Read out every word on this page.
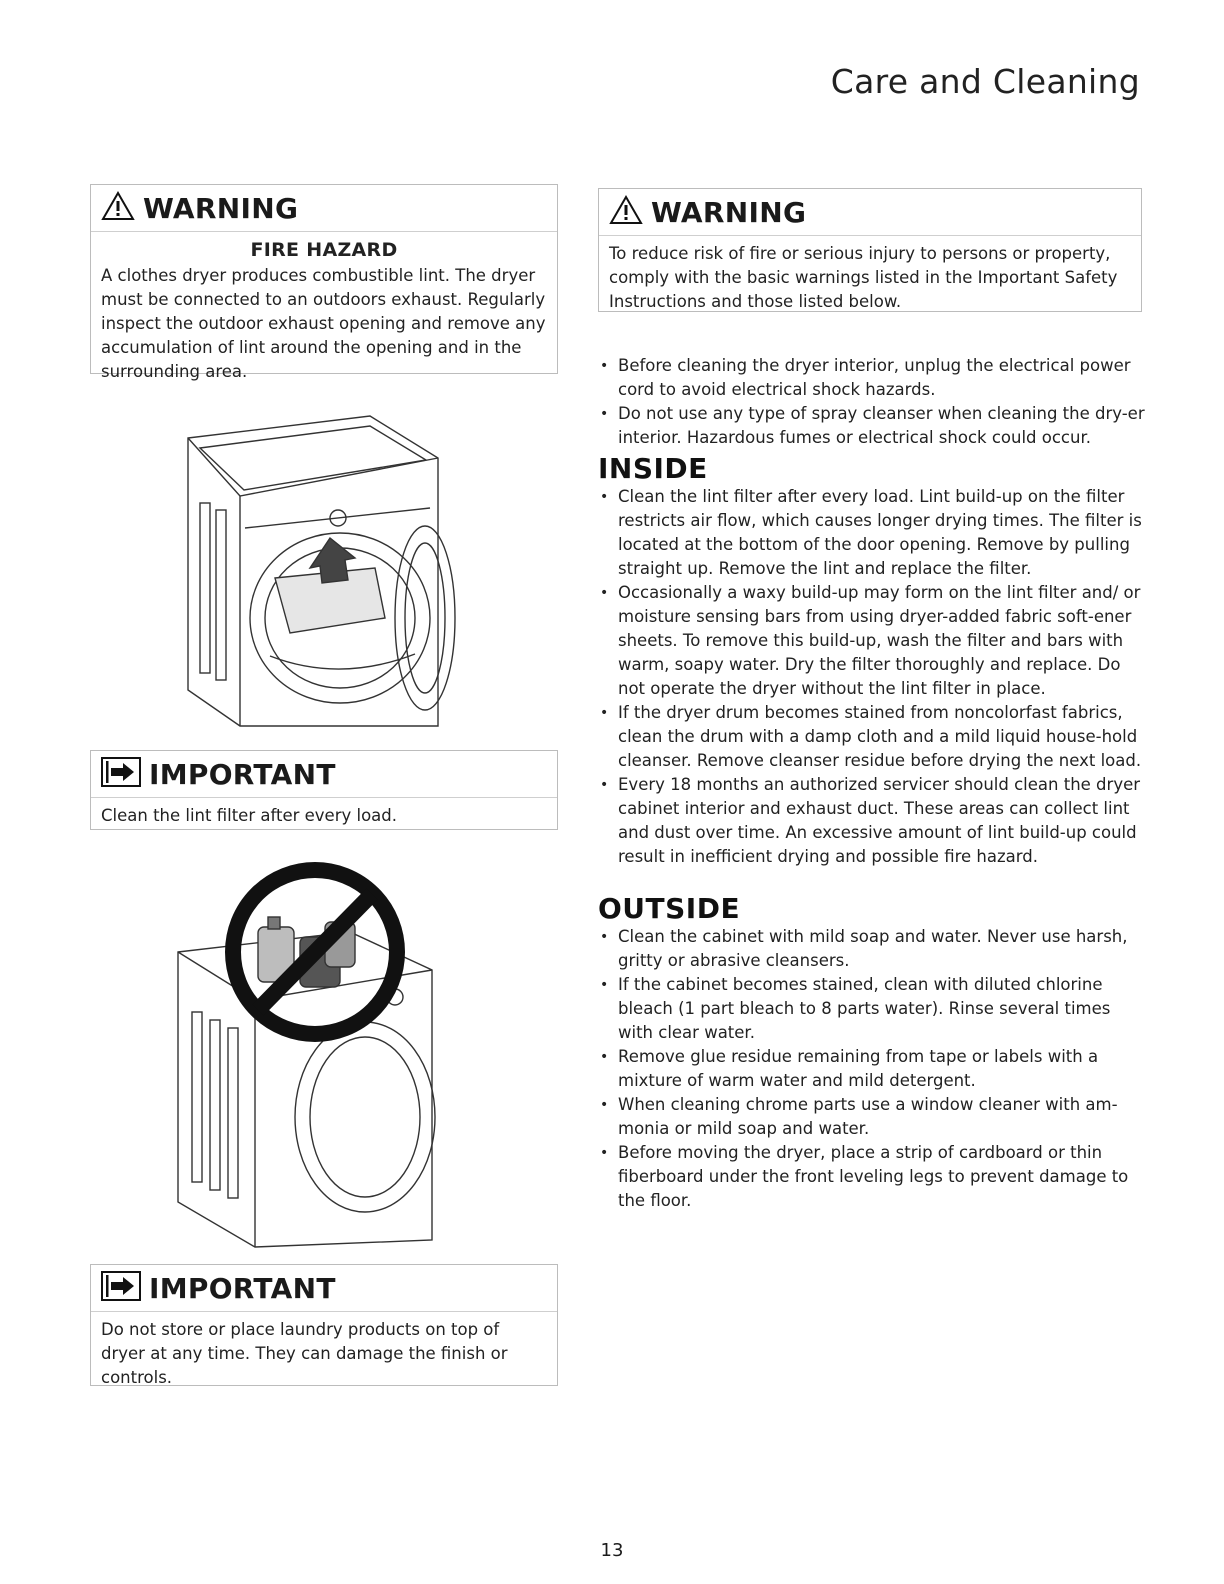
Care and Cleaning
WARNING
FIRE HAZARD
A clothes dryer produces combustible lint. The dryer must be connected to an outdoors exhaust. Regularly inspect the outdoor exhaust opening and remove any accumulation of lint around the opening and in the surrounding area.
IMPORTANT
Clean the lint filter after every load.
IMPORTANT
Do not store or place laundry products on top of dryer at any time. They can damage the finish or controls.
WARNING
To reduce risk of fire or serious injury to persons or property, comply with the basic warnings listed in the Important Safety Instructions and those listed below.
• Before cleaning the dryer interior, unplug the electrical power cord to avoid electrical shock hazards.
• Do not use any type of spray cleanser when cleaning the dry-er interior. Hazardous fumes or electrical shock could occur.
INSIDE
• Clean the lint filter after every load. Lint build-up on the filter restricts air flow, which causes longer drying times. The filter is located at the bottom of the door opening. Remove by pulling straight up. Remove the lint and replace the filter.
• Occasionally a waxy build-up may form on the lint filter and/ or moisture sensing bars from using dryer-added fabric soft-ener sheets. To remove this build-up, wash the filter and bars with warm, soapy water. Dry the filter thoroughly and replace. Do not operate the dryer without the lint filter in place.
• If the dryer drum becomes stained from noncolorfast fabrics, clean the drum with a damp cloth and a mild liquid house-hold cleanser. Remove cleanser residue before drying the next load.
• Every 18 months an authorized servicer should clean the dryer cabinet interior and exhaust duct. These areas can collect lint and dust over time. An excessive amount of lint build-up could result in inefficient drying and possible fire hazard.
OUTSIDE
• Clean the cabinet with mild soap and water. Never use harsh, gritty or abrasive cleansers.
• If the cabinet becomes stained, clean with diluted chlorine bleach (1 part bleach to 8 parts water). Rinse several times with clear water.
• Remove glue residue remaining from tape or labels with a mixture of warm water and mild detergent.
• When cleaning chrome parts use a window cleaner with am-monia or mild soap and water.
• Before moving the dryer, place a strip of cardboard or thin fiberboard under the front leveling legs to prevent damage to the floor.
13
